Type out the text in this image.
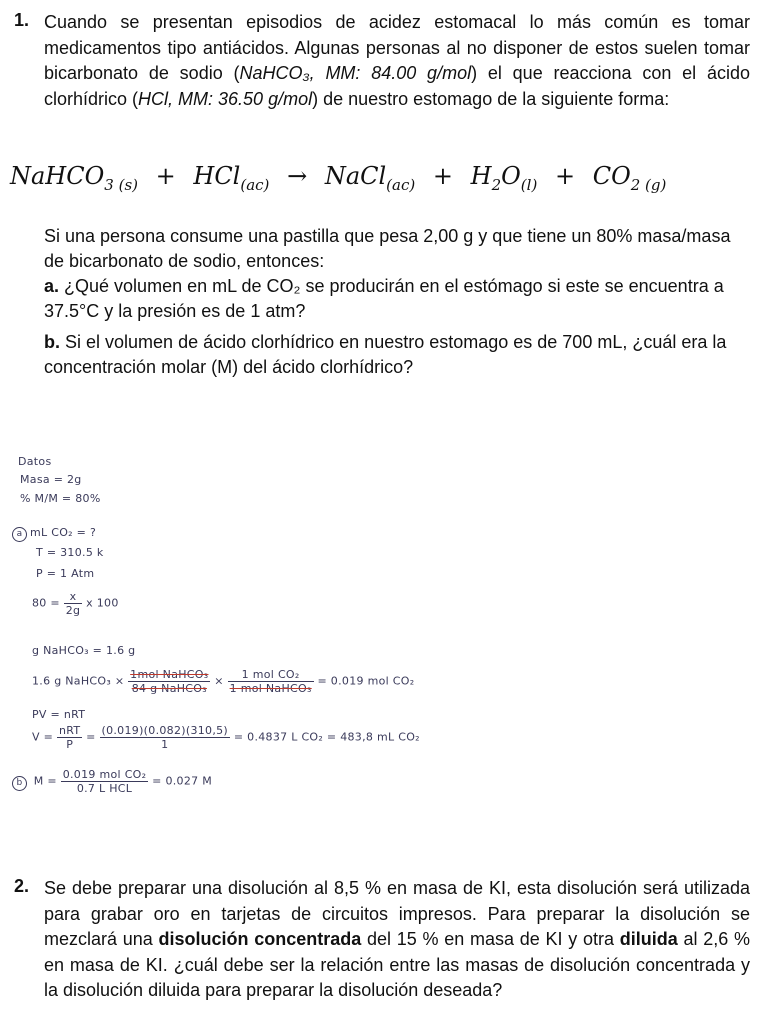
1. Cuando se presentan episodios de acidez estomacal lo más común es tomar medicamentos tipo antiácidos. Algunas personas al no disponer de estos suelen tomar bicarbonato de sodio (NaHCO₃, MM: 84.00 g/mol) el que reacciona con el ácido clorhídrico (HCl, MM: 36.50 g/mol) de nuestro estomago de la siguiente forma:
NaHCO$_{3 (s)}$ + HCl$_{(ac)}$ → NaCl$_{(ac)}$ + $H_2O_{(l)} + CO_{2 (g)}$
Si una persona consume una pastilla que pesa 2,00 g y que tiene un 80% masa/masa de bicarbonato de sodio, entonces:
a. ¿Qué volumen en mL de CO₂ se producirán en el estómago si este se encuentra a 37.5°C y la presión es de 1 atm?
b. Si el volumen de ácido clorhídrico en nuestro estomago es de 700 mL, ¿cuál era la concentración molar (M) del ácido clorhídrico?
Datos
Masa = 2g
% M/M = 80%
a mL CO₂ = ?
T = 310.5 k
P = 1 Atm
$80 = \frac{x}{2g}$ x 100
g NaHCO₃ = 1.6 g
1.6 g NaHCO₃ × $\frac{\text{1mol NaHCO₃}}{\text{84 g NaHCO₃}} \times \frac{\text{1 mol CO₂}}{\text{1 mol NaHCO₃}} = 0.019$ mol CO₂
PV = nRT
$V = \frac{\text{nRT}}{P} = \frac{(0.019)(0.082)(310,5)}{1} = 0.4837$ L CO₂ = 483,8 mL CO₂
b $M = \frac{\text{0.019 mol CO₂}}{\text{0.7 L HCL}} = 0.027$ M
2. Se debe preparar una disolución al 8,5 % en masa de KI, esta disolución será utilizada para grabar oro en tarjetas de circuitos impresos. Para preparar la disolución se mezclará una disolución concentrada del 15 % en masa de KI y otra diluida al 2,6 % en masa de KI. ¿cuál debe ser la relación entre las masas de disolución concentrada y la disolución diluida para preparar la disolución deseada?
